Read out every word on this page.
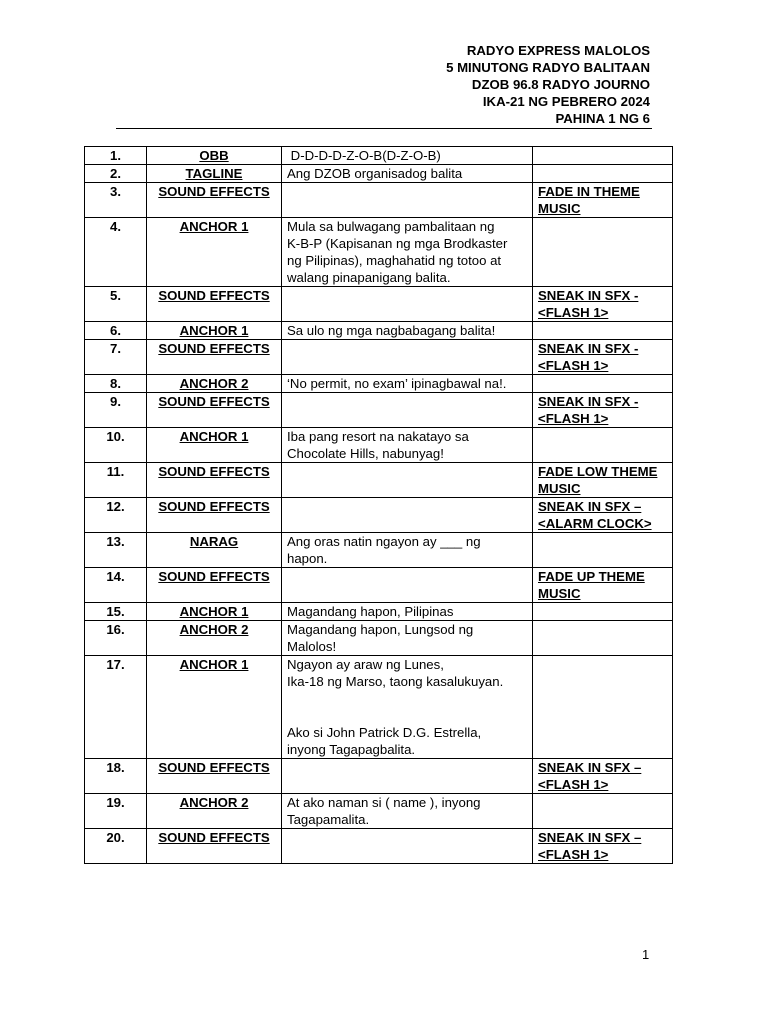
RADYO EXPRESS MALOLOS
5 MINUTONG RADYO BALITAAN
DZOB 96.8 RADYO JOURNO
IKA-21 NG PEBRERO 2024
PAHINA 1 NG 6
1.	OBB	D-D-D-D-Z-O-B(D-Z-O-B)	

2.	TAGLINE	Ang DZOB organisadog balita	

3.	SOUND EFFECTS		FADE IN THEME
MUSIC

4.	ANCHOR 1	Mula sa bulwagang pambalitaan ng
K-B-P (Kapisanan ng mga Brodkaster
ng Pilipinas), maghahatid ng totoo at
walang pinapanigang balita.	

5.	SOUND EFFECTS		SNEAK IN SFX -
<FLASH 1>

6.	ANCHOR 1	Sa ulo ng mga nagbabagang balita!	

7.	SOUND EFFECTS		SNEAK IN SFX -
<FLASH 1>

8.	ANCHOR 2	‘No permit, no exam’ ipinagbawal na!.	

9.	SOUND EFFECTS		SNEAK IN SFX -
<FLASH 1>

10.	ANCHOR 1	Iba pang resort na nakatayo sa
Chocolate Hills, nabunyag!	

11.	SOUND EFFECTS		FADE LOW THEME
MUSIC

12.	SOUND EFFECTS		SNEAK IN SFX –
<ALARM CLOCK>

13.	NARAG	Ang oras natin ngayon ay ___ ng
hapon.	

14.	SOUND EFFECTS		FADE UP THEME
MUSIC

15.	ANCHOR 1	Magandang hapon, Pilipinas	

16.	ANCHOR 2	Magandang hapon, Lungsod ng
Malolos!	

17.	ANCHOR 1	Ngayon ay araw ng Lunes,
Ika-18 ng Marso, taong kasalukuyan.

Ako si John Patrick D.G. Estrella,
inyong Tagapagbalita.	

18.	SOUND EFFECTS		SNEAK IN SFX –
<FLASH 1>

19.	ANCHOR 2	At ako naman si ( name ), inyong
Tagapamalita.	

20.	SOUND EFFECTS		SNEAK IN SFX –
<FLASH 1>
1
